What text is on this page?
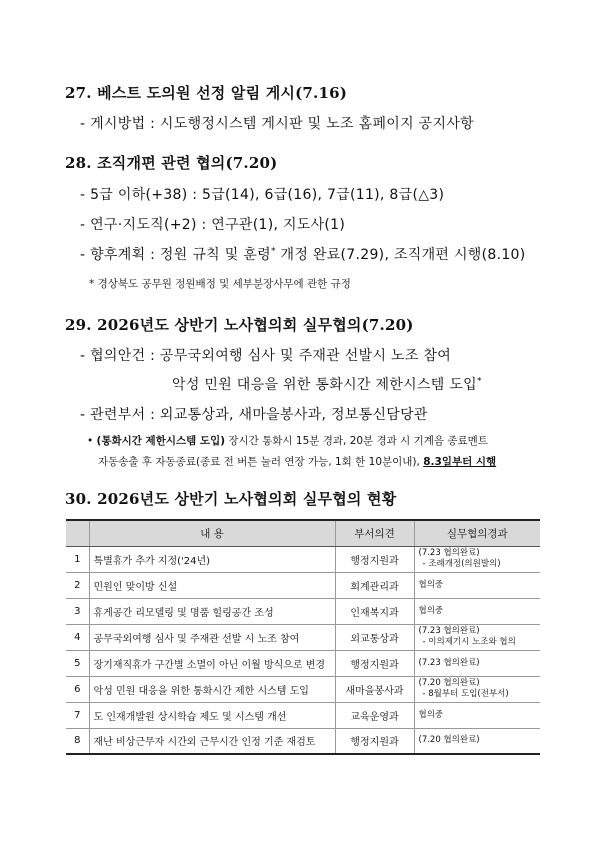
27. 베스트 도의원 선정 알림 게시(7.16)
- 게시방법 : 시도행정시스템 게시판 및 노조 홈페이지 공지사항
28. 조직개편 관련 협의(7.20)
- 5급 이하(+38) : 5급(14), 6급(16), 7급(11), 8급(△3)
- 연구·지도직(+2) : 연구관(1), 지도사(1)
- 향후계획 : 정원 규칙 및 훈령* 개정 완료(7.29), 조직개편 시행(8.10)
* 경상북도 공무원 정원배정 및 세부분장사무에 관한 규정
29. 2026년도 상반기 노사협의회 실무협의(7.20)
- 협의안건 : 공무국외여행 심사 및 주재관 선발시 노조 참여
악성 민원 대응을 위한 통화시간 제한시스템 도입*
- 관련부서 : 외교통상과, 새마을봉사과, 정보통신담당관
• (통화시간 제한시스템 도입) 장시간 통화시 15분 경과, 20분 경과 시 기계음 종료멘트
자동송출 후 자동종료(종료 전 버튼 눌러 연장 가능, 1회 한 10분이내), 8.3일부터 시행
30. 2026년도 상반기 노사협의회 실무협의 현황
	내 용	부서의견	실무협의경과
1	특별휴가 추가 지정('24년)	행정지원과	(7.23 협의완료)
- 조례개정(의원발의)

2	민원인 맞이방 신설	회계관리과	협의중
3	휴게공간 리모델링 및 명품 힐링공간 조성	인재복지과	협의중
4	공무국외여행 심사 및 주재관 선발 시 노조 참여	외교통상과	(7.23 협의완료)
- 이의제기시 노조와 협의

5	장기재직휴가 구간별 소멸이 아닌 이월 방식으로 변경	행정지원과	(7.23 협의완료)
6	악성 민원 대응을 위한 통화시간 제한 시스템 도입	새마을봉사과	(7.20 협의완료)
- 8월부터 도입(전부서)

7	도 인재개발원 상시학습 제도 및 시스템 개선	교육운영과	협의중
8	재난 비상근무자 시간외 근무시간 인정 기준 재검토	행정지원과	(7.20 협의완료)
